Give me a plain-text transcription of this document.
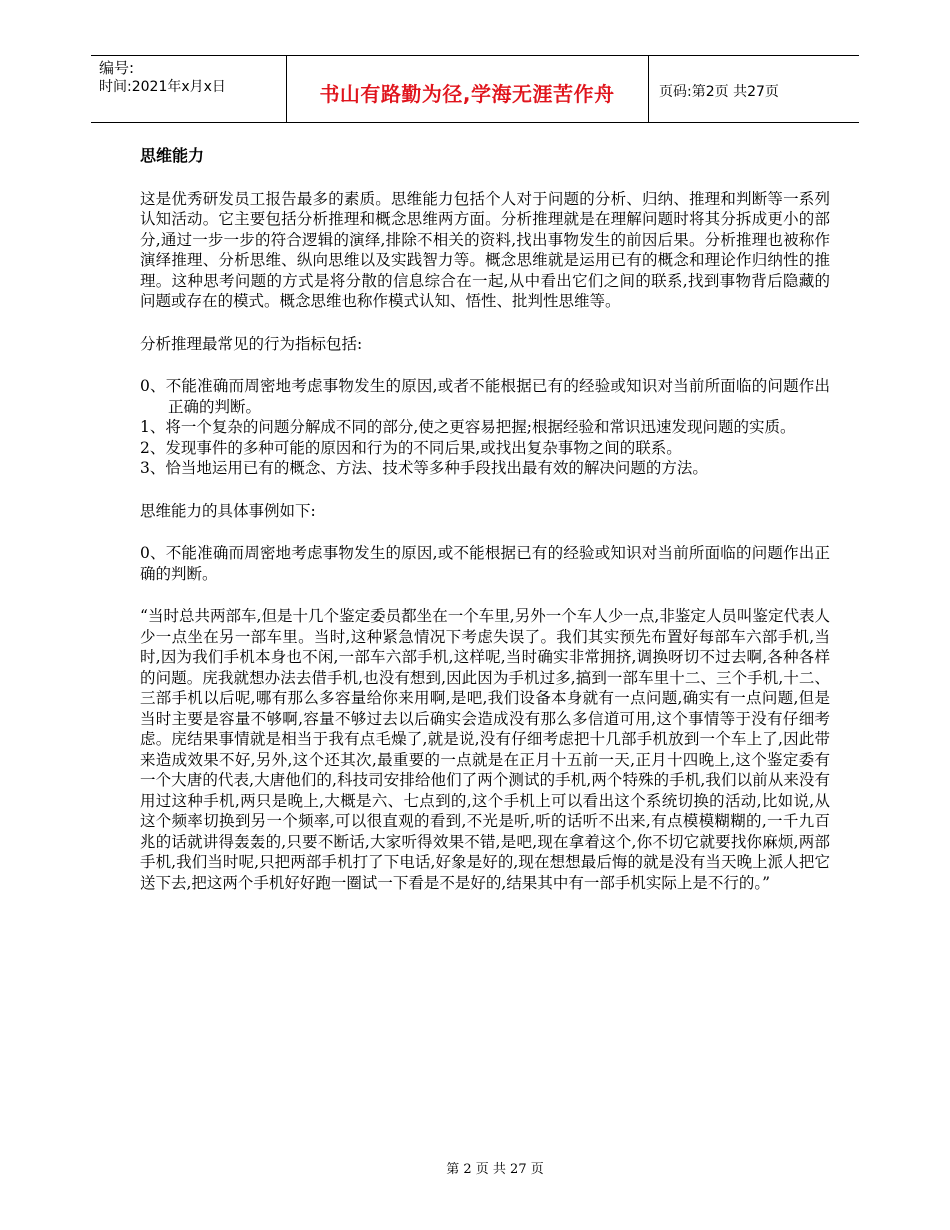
编号:
时间:2021年x月x日	书山有路勤为径,学海无涯苦作舟	页码:第2页 共27页
思维能力

这是优秀研发员工报告最多的素质。思维能力包括个人对于问题的分析、归纳、推理和判断等一系列认知活动。它主要包括分析推理和概念思维两方面。分析推理就是在理解问题时将其分拆成更小的部分,通过一步一步的符合逻辑的演绎,排除不相关的资料,找出事物发生的前因后果。分析推理也被称作演绎推理、分析思维、纵向思维以及实践智力等。概念思维就是运用已有的概念和理论作归纳性的推理。这种思考问题的方式是将分散的信息综合在一起,从中看出它们之间的联系,找到事物背后隐藏的问题或存在的模式。概念思维也称作模式认知、悟性、批判性思维等。

分析推理最常见的行为指标包括:

0、不能准确而周密地考虑事物发生的原因,或者不能根据已有的经验或知识对当前所面临的问题作出正确的判断。
1、将一个复杂的问题分解成不同的部分,使之更容易把握;根据经验和常识迅速发现问题的实质。
2、发现事件的多种可能的原因和行为的不同后果,或找出复杂事物之间的联系。
3、恰当地运用已有的概念、方法、技术等多种手段找出最有效的解决问题的方法。

思维能力的具体事例如下:

0、不能准确而周密地考虑事物发生的原因,或不能根据已有的经验或知识对当前所面临的问题作出正确的判断。

“当时总共两部车,但是十几个鉴定委员都坐在一个车里,另外一个车人少一点,非鉴定人员叫鉴定代表人少一点坐在另一部车里。当时,这种紧急情况下考虑失误了。我们其实预先布置好每部车六部手机,当时,因为我们手机本身也不闲,一部车六部手机,这样呢,当时确实非常拥挤,调换呀切不过去啊,各种各样的问题。庑我就想办法去借手机,也没有想到,因此因为手机过多,搞到一部车里十二、三个手机,十二、三部手机以后呢,哪有那么多容量给你来用啊,是吧,我们设备本身就有一点问题,确实有一点问题,但是当时主要是容量不够啊,容量不够过去以后确实会造成没有那么多信道可用,这个事情等于没有仔细考虑。庑结果事情就是相当于我有点毛燥了,就是说,没有仔细考虑把十几部手机放到一个车上了,因此带来造成效果不好,另外,这个还其次,最重要的一点就是在正月十五前一天,正月十四晚上,这个鉴定委有一个大唐的代表,大唐他们的,科技司安排给他们了两个测试的手机,两个特殊的手机,我们以前从来没有用过这种手机,两只是晚上,大概是六、七点到的,这个手机上可以看出这个系统切换的活动,比如说,从这个频率切换到另一个频率,可以很直观的看到,不光是听,听的话听不出来,有点模模糊糊的,一千九百兆的话就讲得轰轰的,只要不断话,大家听得效果不错,是吧,现在拿着这个,你不切它就要找你麻烦,两部手机,我们当时呢,只把两部手机打了下电话,好象是好的,现在想想最后悔的就是没有当天晚上派人把它送下去,把这两个手机好好跑一圈试一下看是不是好的,结果其中有一部手机实际上是不行的。”

第 2 页 共 27 页
